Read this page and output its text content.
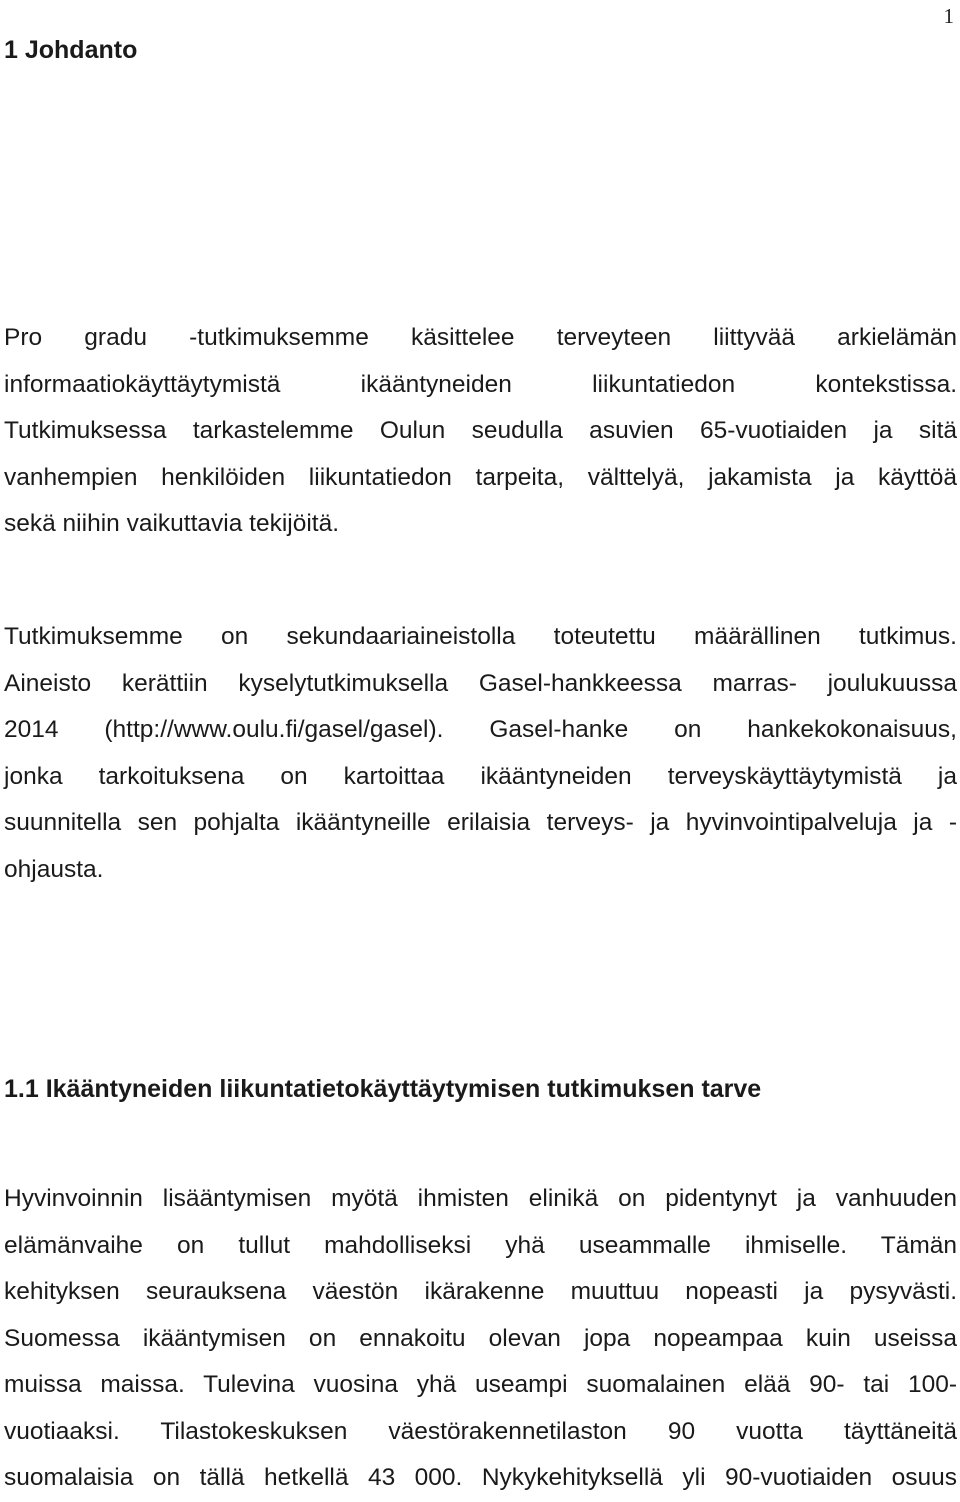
1
1 Johdanto

Pro gradu -tutkimuksemme käsittelee terveyteen liittyvää arkielämän
informaatiokäyttäytymistä ikääntyneiden liikuntatiedon kontekstissa.
Tutkimuksessa tarkastelemme Oulun seudulla asuvien 65-vuotiaiden ja sitä
vanhempien henkilöiden liikuntatiedon tarpeita, välttelyä, jakamista ja käyttöä
sekä niihin vaikuttavia tekijöitä.

Tutkimuksemme on sekundaariaineistolla toteutettu määrällinen tutkimus.
Aineisto kerättiin kyselytutkimuksella Gasel-hankkeessa marras- joulukuussa
2014 (http://www.oulu.fi/gasel/gasel). Gasel-hanke on hankekokonaisuus,
jonka tarkoituksena on kartoittaa ikääntyneiden terveyskäyttäytymistä ja
suunnitella sen pohjalta ikääntyneille erilaisia terveys- ja hyvinvointipalveluja ja -
ohjausta.

1.1 Ikääntyneiden liikuntatietokäyttäytymisen tutkimuksen tarve

Hyvinvoinnin lisääntymisen myötä ihmisten elinikä on pidentynyt ja vanhuuden
elämänvaihe on tullut mahdolliseksi yhä useammalle ihmiselle. Tämän
kehityksen seurauksena väestön ikärakenne muuttuu nopeasti ja pysyvästi.
Suomessa ikääntymisen on ennakoitu olevan jopa nopeampaa kuin useissa
muissa maissa. Tulevina vuosina yhä useampi suomalainen elää 90- tai 100-
vuotiaaksi. Tilastokeskuksen väestörakennetilaston 90 vuotta täyttäneitä
suomalaisia on tällä hetkellä 43 000. Nykykehityksellä yli 90-vuotiaiden osuus
